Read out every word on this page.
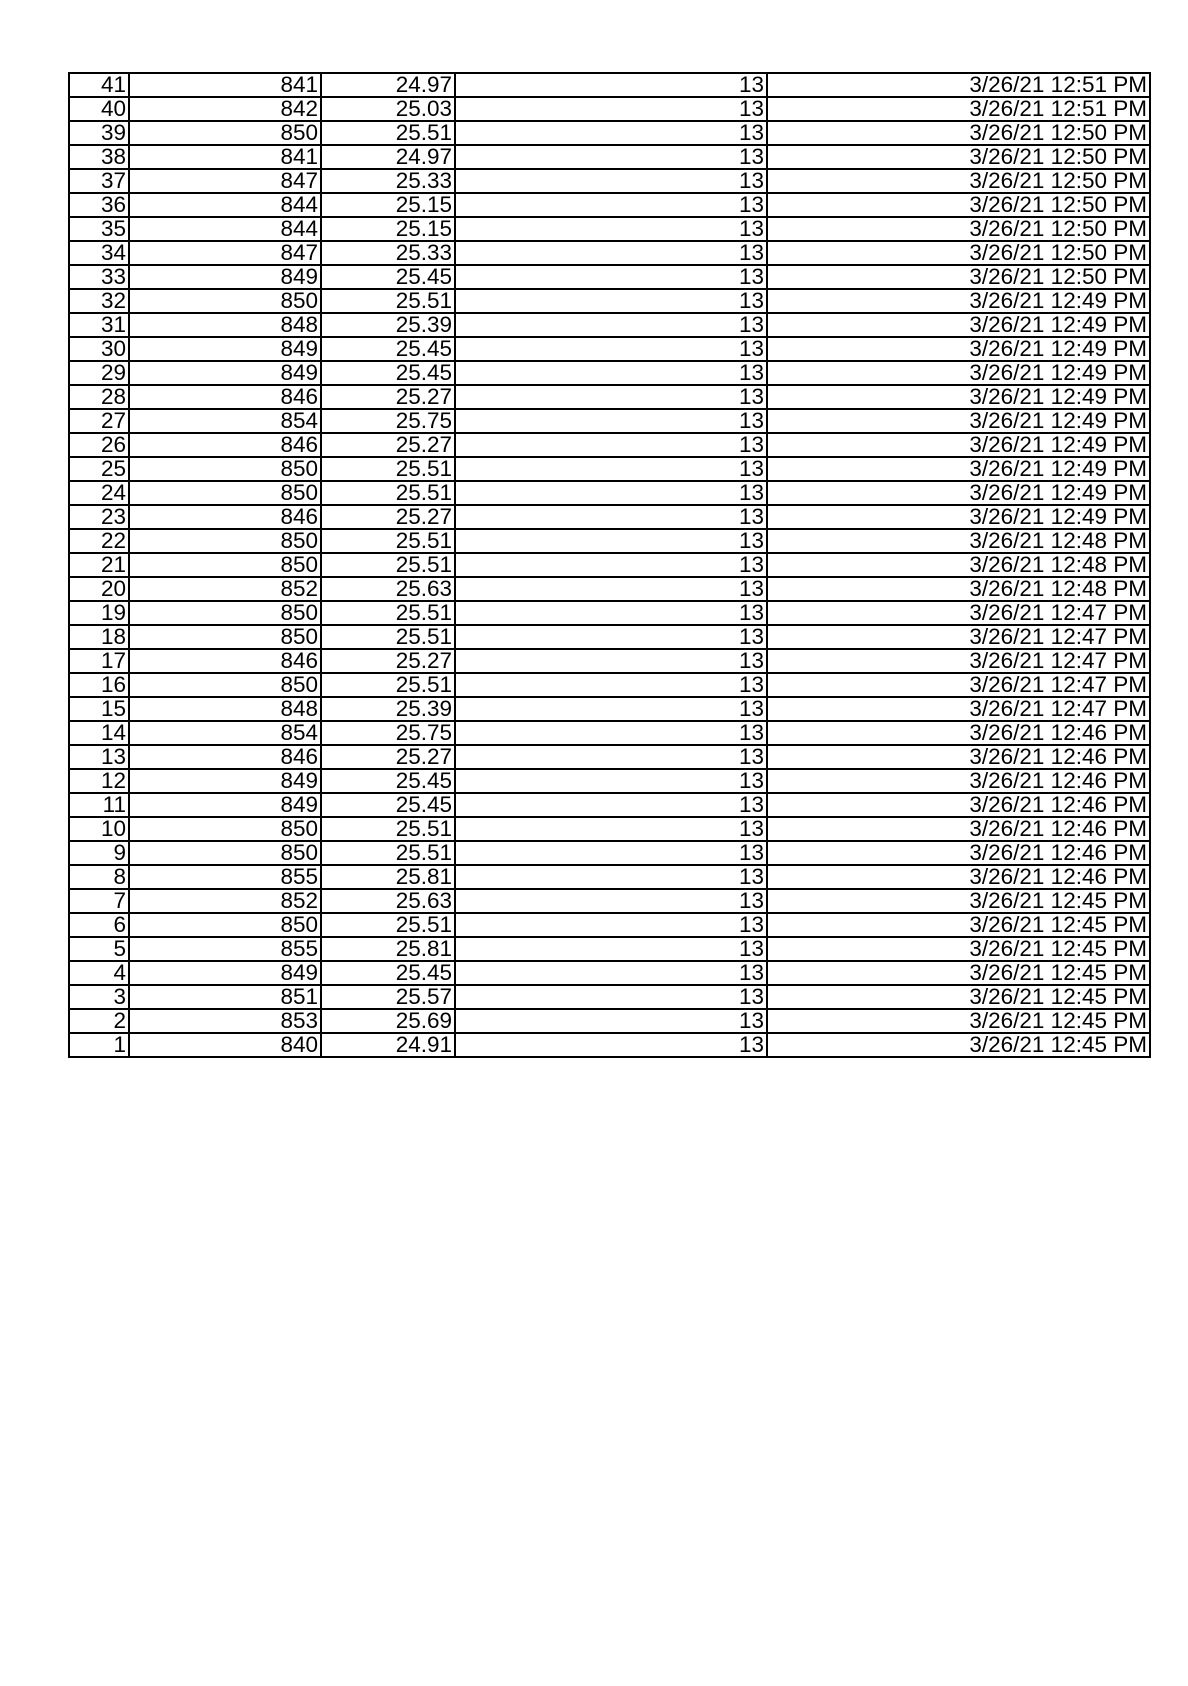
41	841	24.97	13	3/26/21 12:51 PM
40	842	25.03	13	3/26/21 12:51 PM
39	850	25.51	13	3/26/21 12:50 PM
38	841	24.97	13	3/26/21 12:50 PM
37	847	25.33	13	3/26/21 12:50 PM
36	844	25.15	13	3/26/21 12:50 PM
35	844	25.15	13	3/26/21 12:50 PM
34	847	25.33	13	3/26/21 12:50 PM
33	849	25.45	13	3/26/21 12:50 PM
32	850	25.51	13	3/26/21 12:49 PM
31	848	25.39	13	3/26/21 12:49 PM
30	849	25.45	13	3/26/21 12:49 PM
29	849	25.45	13	3/26/21 12:49 PM
28	846	25.27	13	3/26/21 12:49 PM
27	854	25.75	13	3/26/21 12:49 PM
26	846	25.27	13	3/26/21 12:49 PM
25	850	25.51	13	3/26/21 12:49 PM
24	850	25.51	13	3/26/21 12:49 PM
23	846	25.27	13	3/26/21 12:49 PM
22	850	25.51	13	3/26/21 12:48 PM
21	850	25.51	13	3/26/21 12:48 PM
20	852	25.63	13	3/26/21 12:48 PM
19	850	25.51	13	3/26/21 12:47 PM
18	850	25.51	13	3/26/21 12:47 PM
17	846	25.27	13	3/26/21 12:47 PM
16	850	25.51	13	3/26/21 12:47 PM
15	848	25.39	13	3/26/21 12:47 PM
14	854	25.75	13	3/26/21 12:46 PM
13	846	25.27	13	3/26/21 12:46 PM
12	849	25.45	13	3/26/21 12:46 PM
11	849	25.45	13	3/26/21 12:46 PM
10	850	25.51	13	3/26/21 12:46 PM
9	850	25.51	13	3/26/21 12:46 PM
8	855	25.81	13	3/26/21 12:46 PM
7	852	25.63	13	3/26/21 12:45 PM
6	850	25.51	13	3/26/21 12:45 PM
5	855	25.81	13	3/26/21 12:45 PM
4	849	25.45	13	3/26/21 12:45 PM
3	851	25.57	13	3/26/21 12:45 PM
2	853	25.69	13	3/26/21 12:45 PM
1	840	24.91	13	3/26/21 12:45 PM
